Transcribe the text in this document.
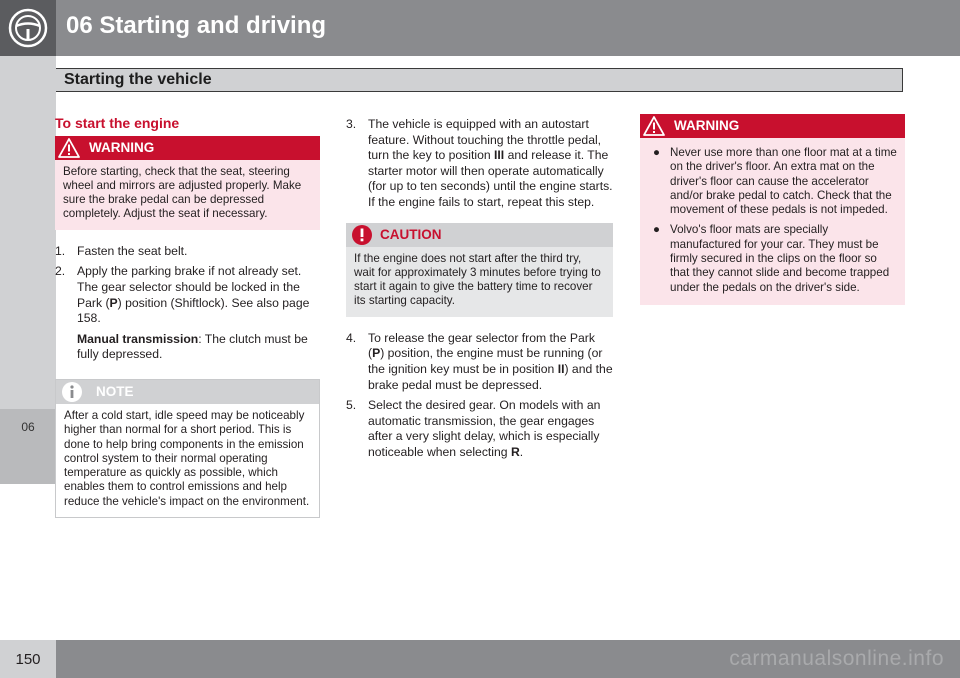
06 Starting and driving
Starting the vehicle
06
To start the engine
WARNING
Before starting, check that the seat, steering wheel and mirrors are adjusted properly. Make sure the brake pedal can be depressed completely. Adjust the seat if necessary.
1. Fasten the seat belt.
2. Apply the parking brake if not already set. The gear selector should be locked in the Park (P) position (Shiftlock). See also page 158.
Manual transmission: The clutch must be fully depressed.
NOTE
After a cold start, idle speed may be noticeably higher than normal for a short period. This is done to help bring components in the emission control system to their normal operating temperature as quickly as possible, which enables them to control emissions and help reduce the vehicle's impact on the environment.
3. The vehicle is equipped with an autostart feature. Without touching the throttle pedal, turn the key to position III and release it. The starter motor will then operate automatically (for up to ten seconds) until the engine starts. If the engine fails to start, repeat this step.
CAUTION
If the engine does not start after the third try, wait for approximately 3 minutes before trying to start it again to give the battery time to recover its starting capacity.
4. To release the gear selector from the Park (P) position, the engine must be running (or the ignition key must be in position II) and the brake pedal must be depressed.
5. Select the desired gear. On models with an automatic transmission, the gear engages after a very slight delay, which is especially noticeable when selecting R.
WARNING
● Never use more than one floor mat at a time on the driver's floor. An extra mat on the driver's floor can cause the accelerator and/or brake pedal to catch. Check that the movement of these pedals is not impeded.
● Volvo's floor mats are specially manufactured for your car. They must be firmly secured in the clips on the floor so that they cannot slide and become trapped under the pedals on the driver's side.
150	carmanualsonline.info
